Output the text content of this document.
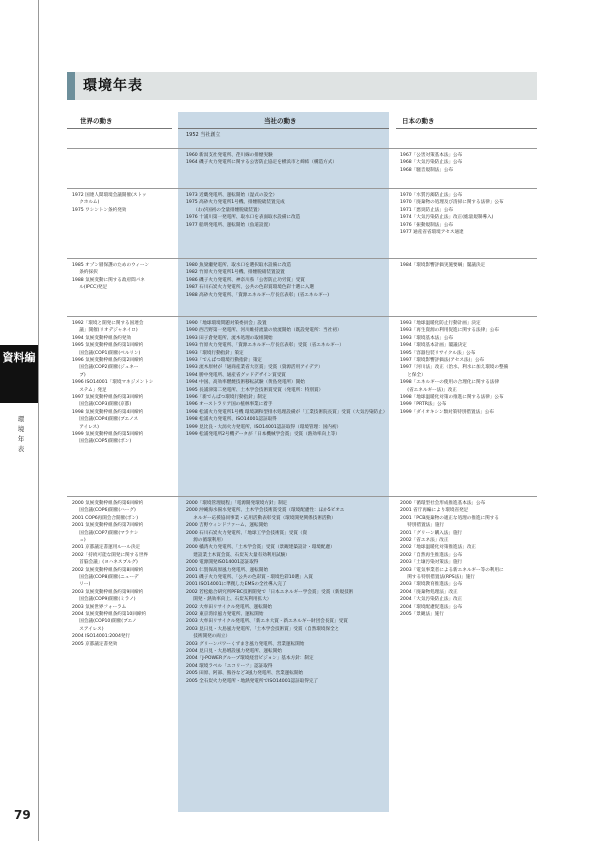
環境年表
資料編
環境年表
世界の動き	当社の動き	日本の動き
1952 当社創立
1960 新潟支社発電所、荏川線の排煙実験
1964 磯子火力発電所に関する公害防止協定を横浜市と締結（構造方式）
1967「公害対策基本法」公布
1968「大気汚染防止法」公布
1968「騒音規制法」公布
1972 国連人間環境会議開催(ストッ
クホルム)
1975 ワシントン条約発効
1973 近畿発電所、運転開始（湿式の設全）
1975 高砂火力発電所1号機、排煙脱硫装置完成
（わが国初の全量排煙脱硫装置）
1976 十浦川第一発電所、取水口を表面取水設備に改造
1977 船明発電所、運転開始（魚道設置）
1970「水質汚濁防止法」公布
1970「廃棄物の処理及び清掃に関する法律」公布
1971「悪臭防止法」公布
1974「大気汚染防止法」改正(総量規制導入)
1976「振動規制法」公布
1977 通産省省環境アセス通達
1985 オゾン層保護のためのウィーン
条約採択
1988 気候変動に関する政府間パネ
ル(IPCC)発足
1980 魚梁瀬発電所、取水口を選択取水設備に改造
1982 竹原火力発電所1号機、排煙脱硝装置設置
1986 磯子火力発電所、神奈川県「公害防止功労賞」受賞
1987 石川石炭火力発電所、公共の色彩賞環境色彩十選に入選
1988 高砂火力発電所、「資源エネルギー庁長官表彰」(省エネルギー)
1984「環境影響評価実施要綱」閣議決定
1992「環境と開発に関する国連会
議」開催(リオデジャネイロ)
1994 気候変動枠組条約発効
1995 気候変動枠組条約第1回締約
国会議(COP1)開催(ベルリン)
1996 気候変動枠組条約第2回締約
国会議(COP2)開催(ジュネー
ブ)
1996 ISO14001「環境マネジメントシ
ステム」発足
1997 気候変動枠組条約第3回締約
国会議(COP3)開催(京都)
1998 気候変動枠組条約第4回締約
国会議(COP4)開催(ブエノス
アイレス)
1999 気候変動枠組条約第5回締約
国会議(COP5)開催(ボン)
1990「地球環境問題対策委員会」設置
1990 西吉野第一発電所、河川維持流量の放流開始（既設発電所：当社初）
1993 田子倉発電所、流木処理の取組開始
1993 竹原火力発電所、「資源エネルギー庁長官表彰」受賞（省エネルギー）
1993「環境行動指針」策定
1993「でんぱつ環境行動指針」策定
1993 流木原材が「通商産業省大臣賞」受賞（資源活用アイデア）
1994 勝中発電所、通産省グッドデザイン賞受賞
1994 中国、高効率燃焼技術移転試験（黄島発電所）開始
1995 長浦津第二発電所、土木学会技術賞受賞（発電所：特別賞）
1996「新でんぱつ環境行動指針」制定
1996 オーストラリア国の植林事業に着手
1998 松浦火力発電所1号機 環境調和型排水処理設備が「工業技術院長賞」受賞（大気汚染防止）
1998 松浦火力発電所、ISO14001認証取得
1999 見比良・大潟火力発電所、ISO14001認証取得（環境管理：国内初）
1999 松浦発電所2号機データが「日本機械学会賞」受賞（熱効率向上等）
1993「地球温暖化防止行動計画」決定
1993「再生資源の利用促進に関する法律」公布
1993「環境基本法」公布
1994「環境基本計画」閣議決定
1995「容器包装リサイクル法」公布
1997「環境影響評価法(アセス法)」公布
1997「河川法」改正（治水、利水に加え環境の整備
と保全）
1998「エネルギーの使用の合理化に関する法律
(省エネルギー法)」改正
1998「地球温暖化対策の推進に関する法律」公布
1999「PRTR法」公布
1999「ダイオキシン類対策特別措置法」公布
2000 気候変動枠組条約第6回締約
国会議(COP6)開催(ハーグ)
2001 COP6再開会合開催(ボン)
2001 気候変動枠組条約第7回締約
国会議(COP7)開催(マラケシ
ュ)
2001 京都議定書運用ルール決定
2002「持続可能な開発に関する世界
首脳会議」(ヨハネスブルグ)
2002 気候変動枠組条約第8回締約
国会議(COP8)開催(ニューデ
リー)
2003 気候変動枠組条約第9回締約
国会議(COP9)開催(ミラノ)
2003 気候世界フォーラム
2004 気候変動枠組条約第10回締約
国会議(COP10)開催(ブエノ
スアイレス)
2004 ISO14001:2004発行
2005 京都議定書発効
2000「環境管理規程」「電源開発環境方針」制定
2000 沖縄海水揚水発電所、土木学会技術賞受賞（環境配慮性：ほか5ビオエ
ネルギー応援協同事業・応用活動表彰受賞（環境開発関係技術活動）
2000 吉野ウィンドファーム、運転開始
2000 石川石炭火力発電所、「地球工学会技術賞」受賞（資
源の循環利用）
2000 橘湾火力発電所、「土木学会賞」受賞（景観建築設計・環境配慮）
建設業土木賞会賞、石炭灰大量有効利用試験）
2000 電源開発ISO14001認証取得
2001 仁賀保高原風力発電所、運転開始
2001 磯子火力発電所、「公共の色彩賞・環境色彩10選」入賞
2001 ISO14001に準拠したEMSの全社導入完了
2002 若松総合研究所PFBC技術開発で「日本エネルギー学会賞」受賞（新規技術
開発・熱効率向上、石炭灰利用拡大）
2002 大牟田リサイクル発電所、運転開始
2002 東京湾岸風力発電所、運転開始
2003 大牟田リサイクル発電所、「新エネ大賞・新エネルギー財団会長賞」受賞
2003 見日見・大島風力発電所、「土木学会技術賞」受賞（自然環境保全と
技術開発の両立）
2003 グリーンパワーくずまき風力発電所、営業運転開始
2004 見日見・大島増設風力発電所、運転開始
2004「J-POWERグループ環境経営ビジョン」基本方針：制定
2004 環境ラベル「エコリーフ」認証取得
2005 田原、阿部、熊谷など3風力発電所、営業運転開始
2005 全石炭火力発電所・地熱発電所でISO14001認証取得完了
2000「循環型社会形成推進基本法」公布
2001 省庁再編により環境省発足
2001「PCB廃棄物の適正な処理の推進に関する
特別措置法」施行
2001「グリーン購入法」施行
2002「省エネ法」改正
2002「地球温暖化対策推進法」改正
2002「自然再生推進法」公布
2003「土壌汚染対策法」施行
2003「電気事業者による新エネルギー等の利用に
関する特別措置法(RPS法)」施行
2003「環境教育推進法」公布
2004「廃棄物処理法」改正
2004「大気汚染防止法」改正
2004「環境配慮促進法」公布
2005「景観法」施行
79
